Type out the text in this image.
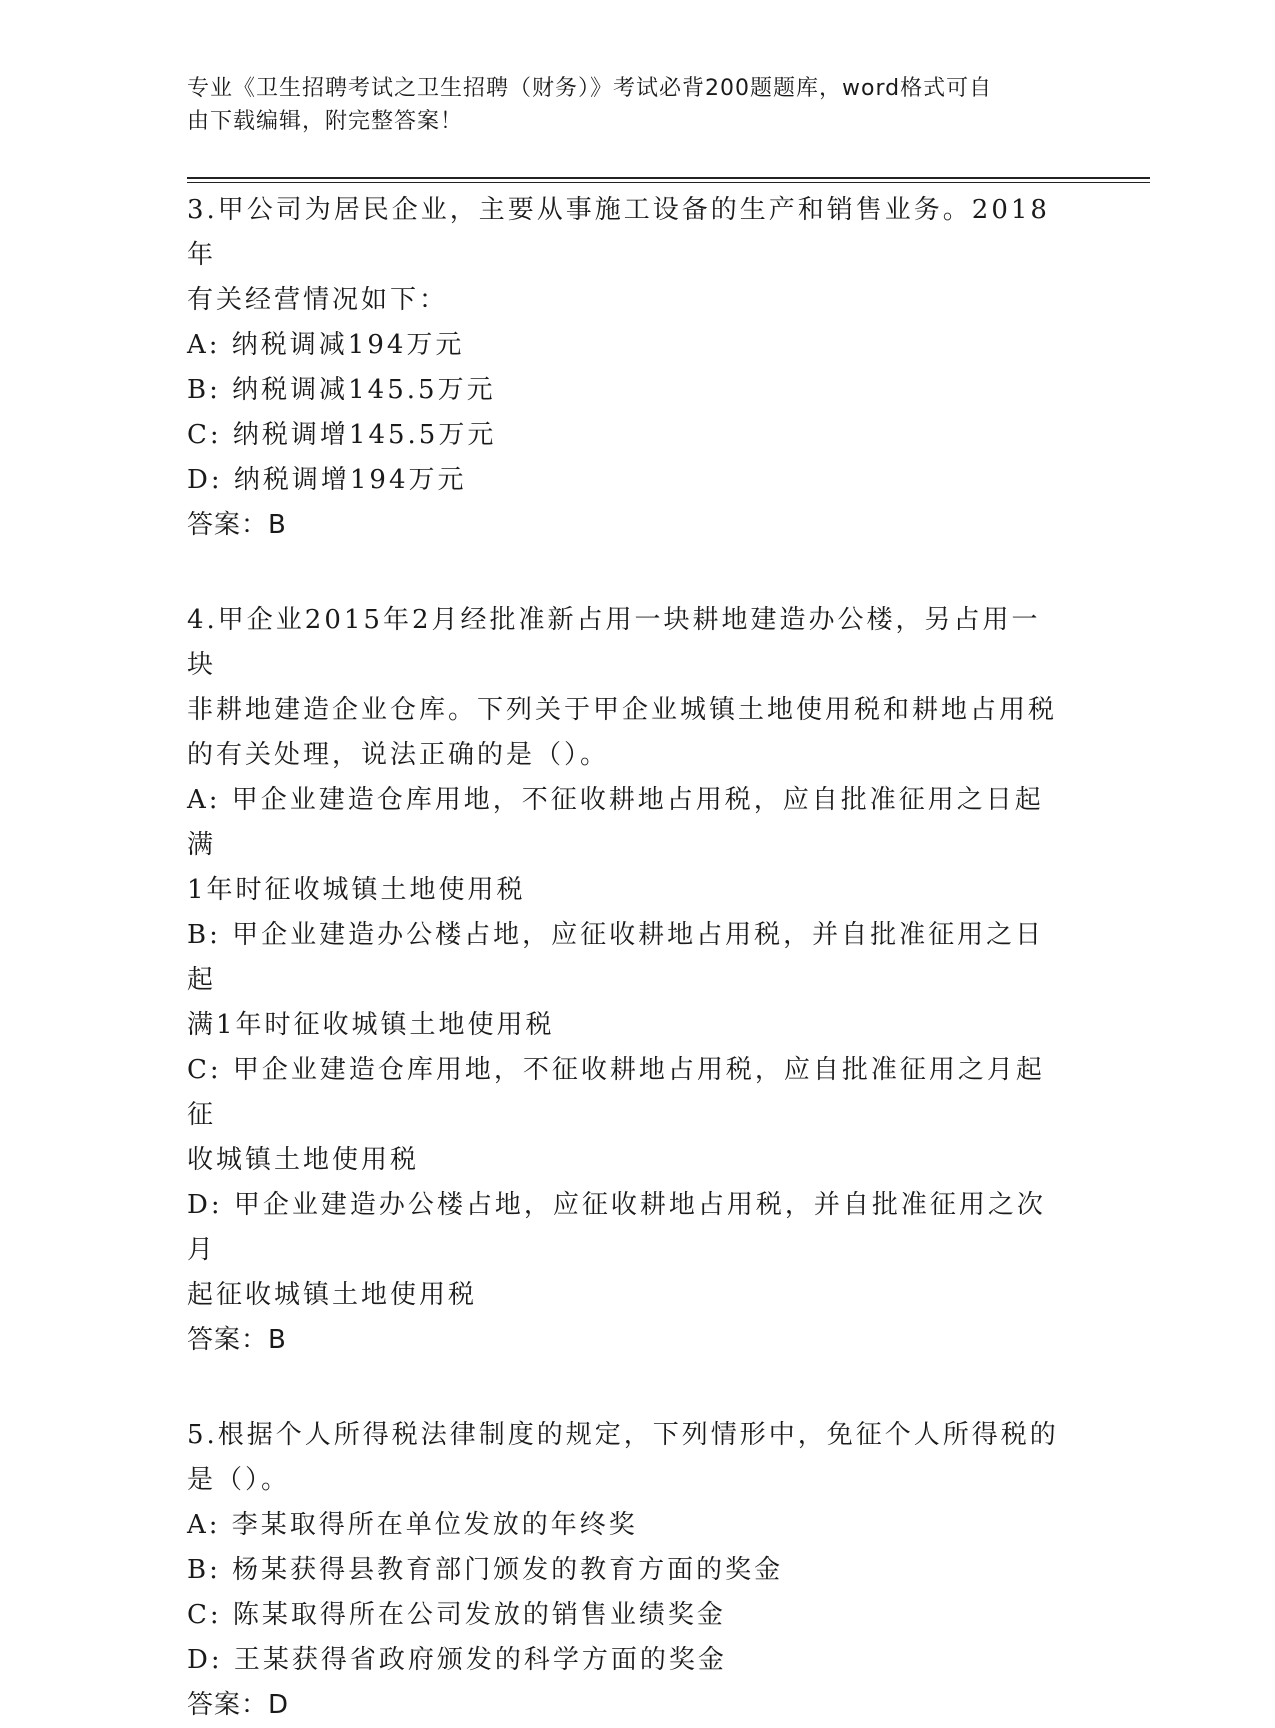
专业《卫生招聘考试之卫生招聘（财务）》考试必背200题题库，word格式可自
由下载编辑，附完整答案！

3.甲公司为居民企业，主要从事施工设备的生产和销售业务。2018年

有关经营情况如下：

A: 纳税调减194万元

B: 纳税调减145.5万元

C: 纳税调增145.5万元

D: 纳税调增194万元

答案：B

4.甲企业2015年2月经批准新占用一块耕地建造办公楼，另占用一块

非耕地建造企业仓库。下列关于甲企业城镇土地使用税和耕地占用税

的有关处理，说法正确的是（）。

A: 甲企业建造仓库用地，不征收耕地占用税，应自批准征用之日起满

1年时征收城镇土地使用税

B: 甲企业建造办公楼占地，应征收耕地占用税，并自批准征用之日起

满1年时征收城镇土地使用税

C: 甲企业建造仓库用地，不征收耕地占用税，应自批准征用之月起征

收城镇土地使用税

D: 甲企业建造办公楼占地，应征收耕地占用税，并自批准征用之次月

起征收城镇土地使用税

答案：B

5.根据个人所得税法律制度的规定，下列情形中，免征个人所得税的

是（）。

A: 李某取得所在单位发放的年终奖

B: 杨某获得县教育部门颁发的教育方面的奖金

C: 陈某取得所在公司发放的销售业绩奖金

D: 王某获得省政府颁发的科学方面的奖金

答案：D
